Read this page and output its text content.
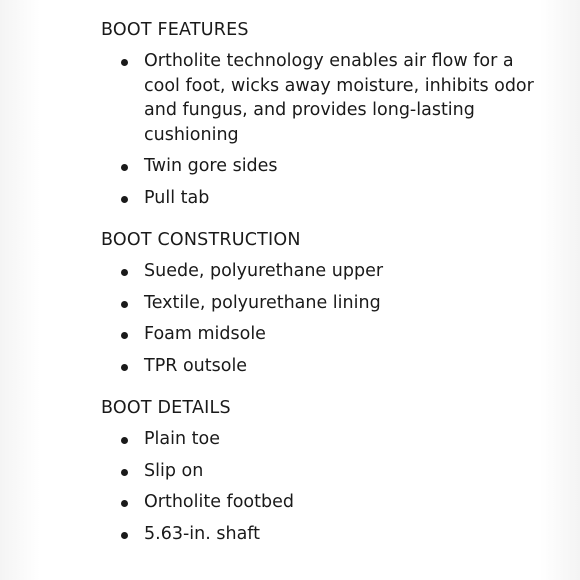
BOOT FEATURES
Ortholite technology enables air flow for a cool foot, wicks away moisture, inhibits odor and fungus, and provides long-lasting cushioning
Twin gore sides
Pull tab
BOOT CONSTRUCTION
Suede, polyurethane upper
Textile, polyurethane lining
Foam midsole
TPR outsole
BOOT DETAILS
Plain toe
Slip on
Ortholite footbed
5.63-in. shaft
